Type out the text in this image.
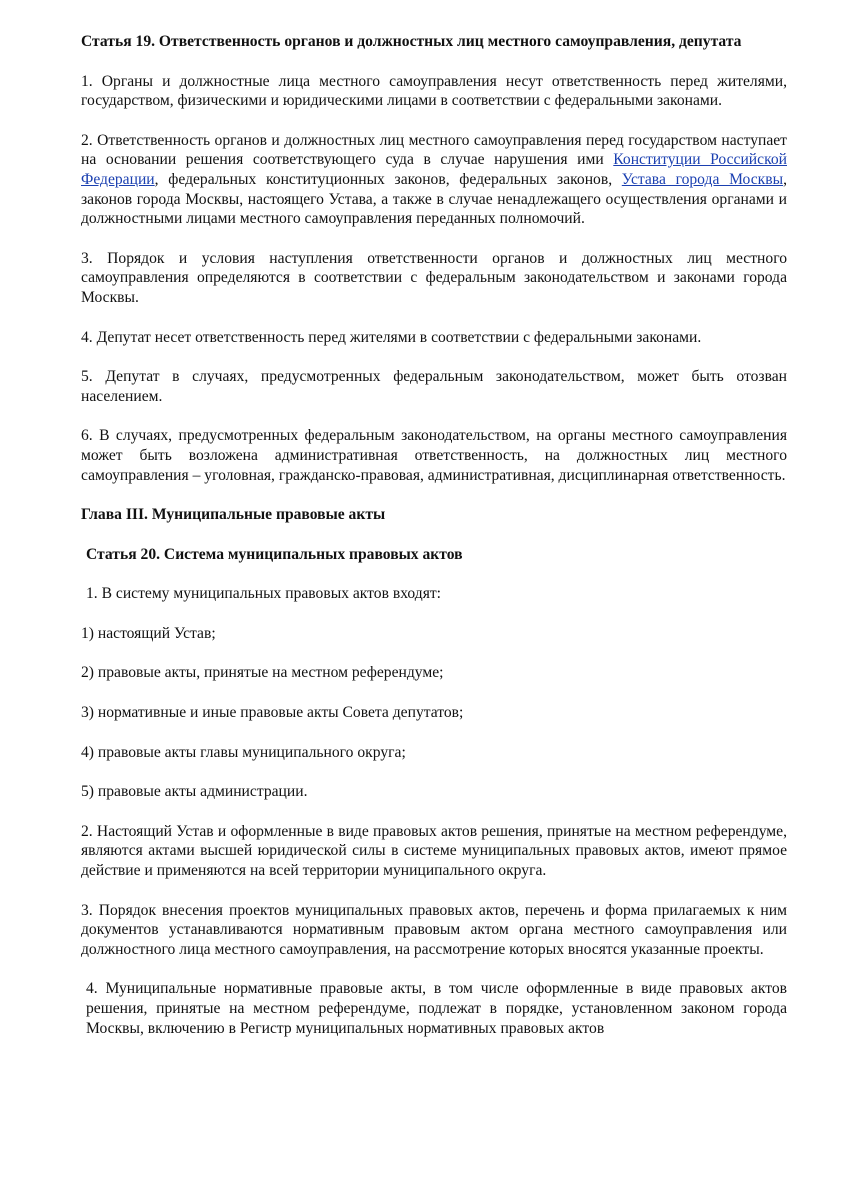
Статья 19. Ответственность органов и должностных лиц местного самоуправления, депутата

1. Органы и должностные лица местного самоуправления несут ответственность перед жителями, государством, физическими и юридическими лицами в соответствии с федеральными законами.

2. Ответственность органов и должностных лиц местного самоуправления перед государством наступает на основании решения соответствующего суда в случае нарушения ими Конституции Российской Федерации, федеральных конституционных законов, федеральных законов, Устава города Москвы, законов города Москвы, настоящего Устава, а также в случае ненадлежащего осуществления органами и должностными лицами местного самоуправления переданных полномочий.

3. Порядок и условия наступления ответственности органов и должностных лиц местного самоуправления определяются в соответствии с федеральным законодательством и законами города Москвы.

4. Депутат несет ответственность перед жителями в соответствии с федеральными законами.

5. Депутат в случаях, предусмотренных федеральным законодательством, может быть отозван населением.

6. В случаях, предусмотренных федеральным законодательством, на органы местного самоуправления может быть возложена административная ответственность, на должностных лиц местного самоуправления – уголовная, гражданско-правовая, административная, дисциплинарная ответственность.

Глава III. Муниципальные правовые акты

Статья 20. Система муниципальных правовых актов

1. В систему муниципальных правовых актов входят:

1) настоящий Устав;

2) правовые акты, принятые на местном референдуме;

3) нормативные и иные правовые акты Совета депутатов;

4) правовые акты главы муниципального округа;

5) правовые акты администрации.

2. Настоящий Устав и оформленные в виде правовых актов решения, принятые на местном референдуме, являются актами высшей юридической силы в системе муниципальных правовых актов, имеют прямое действие и применяются на всей территории муниципального округа.

3. Порядок внесения проектов муниципальных правовых актов, перечень и форма прилагаемых к ним документов устанавливаются нормативным правовым актом органа местного самоуправления или должностного лица местного самоуправления, на рассмотрение которых вносятся указанные проекты.

4. Муниципальные нормативные правовые акты, в том числе оформленные в виде правовых актов решения, принятые на местном референдуме, подлежат в порядке, установленном законом города Москвы, включению в Регистр муниципальных нормативных правовых актов
